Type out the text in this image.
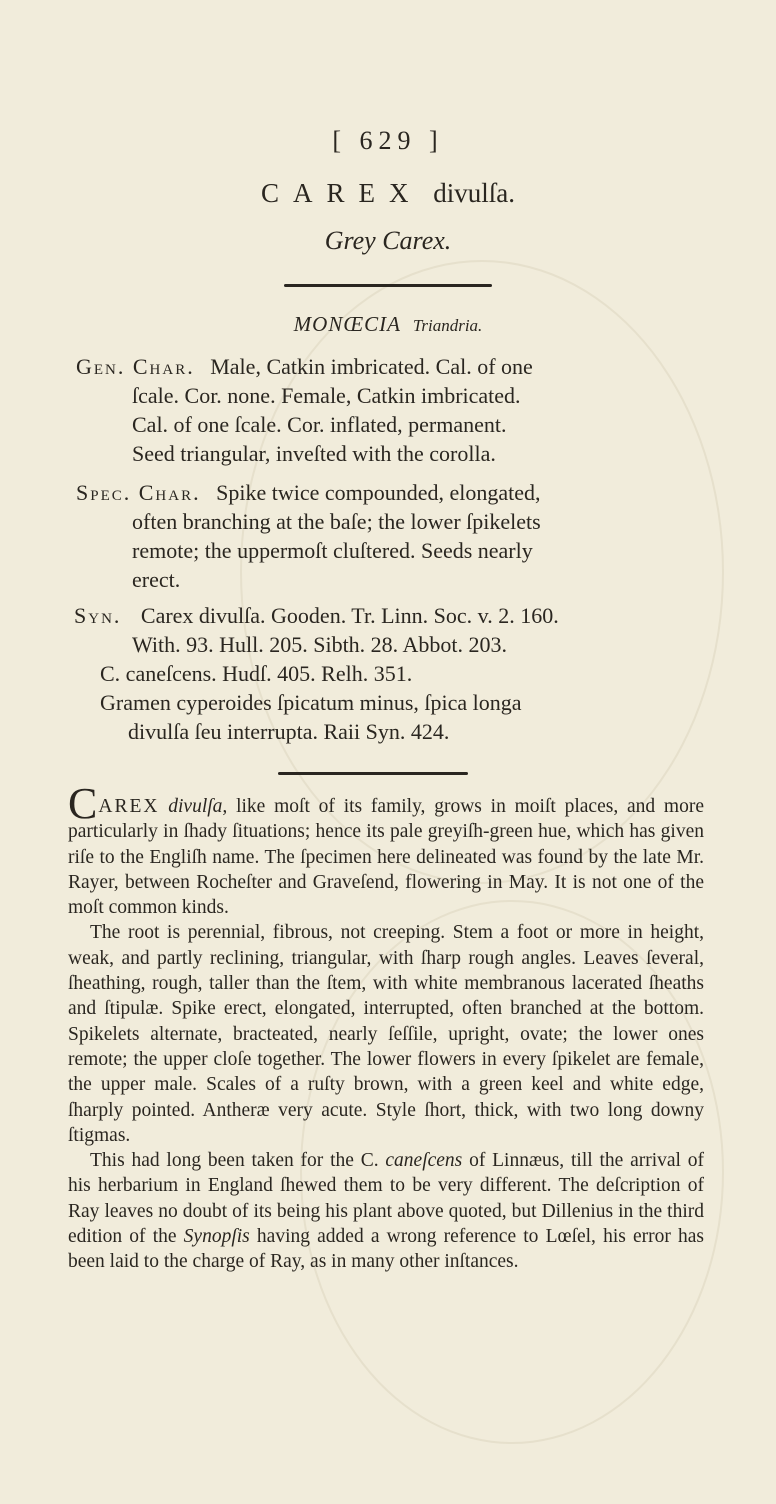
[ 629 ]
CAREX divulſa.
Grey Carex.
MONŒCIA Triandria.
Gen. Char. Male, Catkin imbricated. Cal. of one
ſcale. Cor. none. Female, Catkin imbricated.
Cal. of one ſcale. Cor. inflated, permanent.
Seed triangular, inveſted with the corolla.
Spec. Char. Spike twice compounded, elongated,
often branching at the baſe; the lower ſpikelets
remote; the uppermoſt cluſtered. Seeds nearly
erect.
Syn. Carex divulſa. Gooden. Tr. Linn. Soc. v. 2. 160.
With. 93. Hull. 205. Sibth. 28. Abbot. 203.
C. caneſcens. Hudſ. 405. Relh. 351.
Gramen cyperoides ſpicatum minus, ſpica longa
divulſa ſeu interrupta. Raii Syn. 424.

CAREX divulſa, like moſt of its family, grows in moiſt places, and more particularly in ſhady ſituations; hence its pale greyiſh-green hue, which has given riſe to the Engliſh name. The ſpecimen here delineated was found by the late Mr. Rayer, between Rocheſter and Graveſend, flowering in May. It is not one of the moſt common kinds.

The root is perennial, fibrous, not creeping. Stem a foot or more in height, weak, and partly reclining, triangular, with ſharp rough angles. Leaves ſeveral, ſheathing, rough, taller than the ſtem, with white membranous lacerated ſheaths and ſtipulæ. Spike erect, elongated, interrupted, often branched at the bottom. Spikelets alternate, bracteated, nearly ſeſſile, upright, ovate; the lower ones remote; the upper cloſe together. The lower flowers in every ſpikelet are female, the upper male. Scales of a ruſty brown, with a green keel and white edge, ſharply pointed. Antheræ very acute. Style ſhort, thick, with two long downy ſtigmas.

This had long been taken for the C. caneſcens of Linnæus, till the arrival of his herbarium in England ſhewed them to be very different. The deſcription of Ray leaves no doubt of its being his plant above quoted, but Dillenius in the third edition of the Synopſis having added a wrong reference to Lœſel, his error has been laid to the charge of Ray, as in many other inſtances.
